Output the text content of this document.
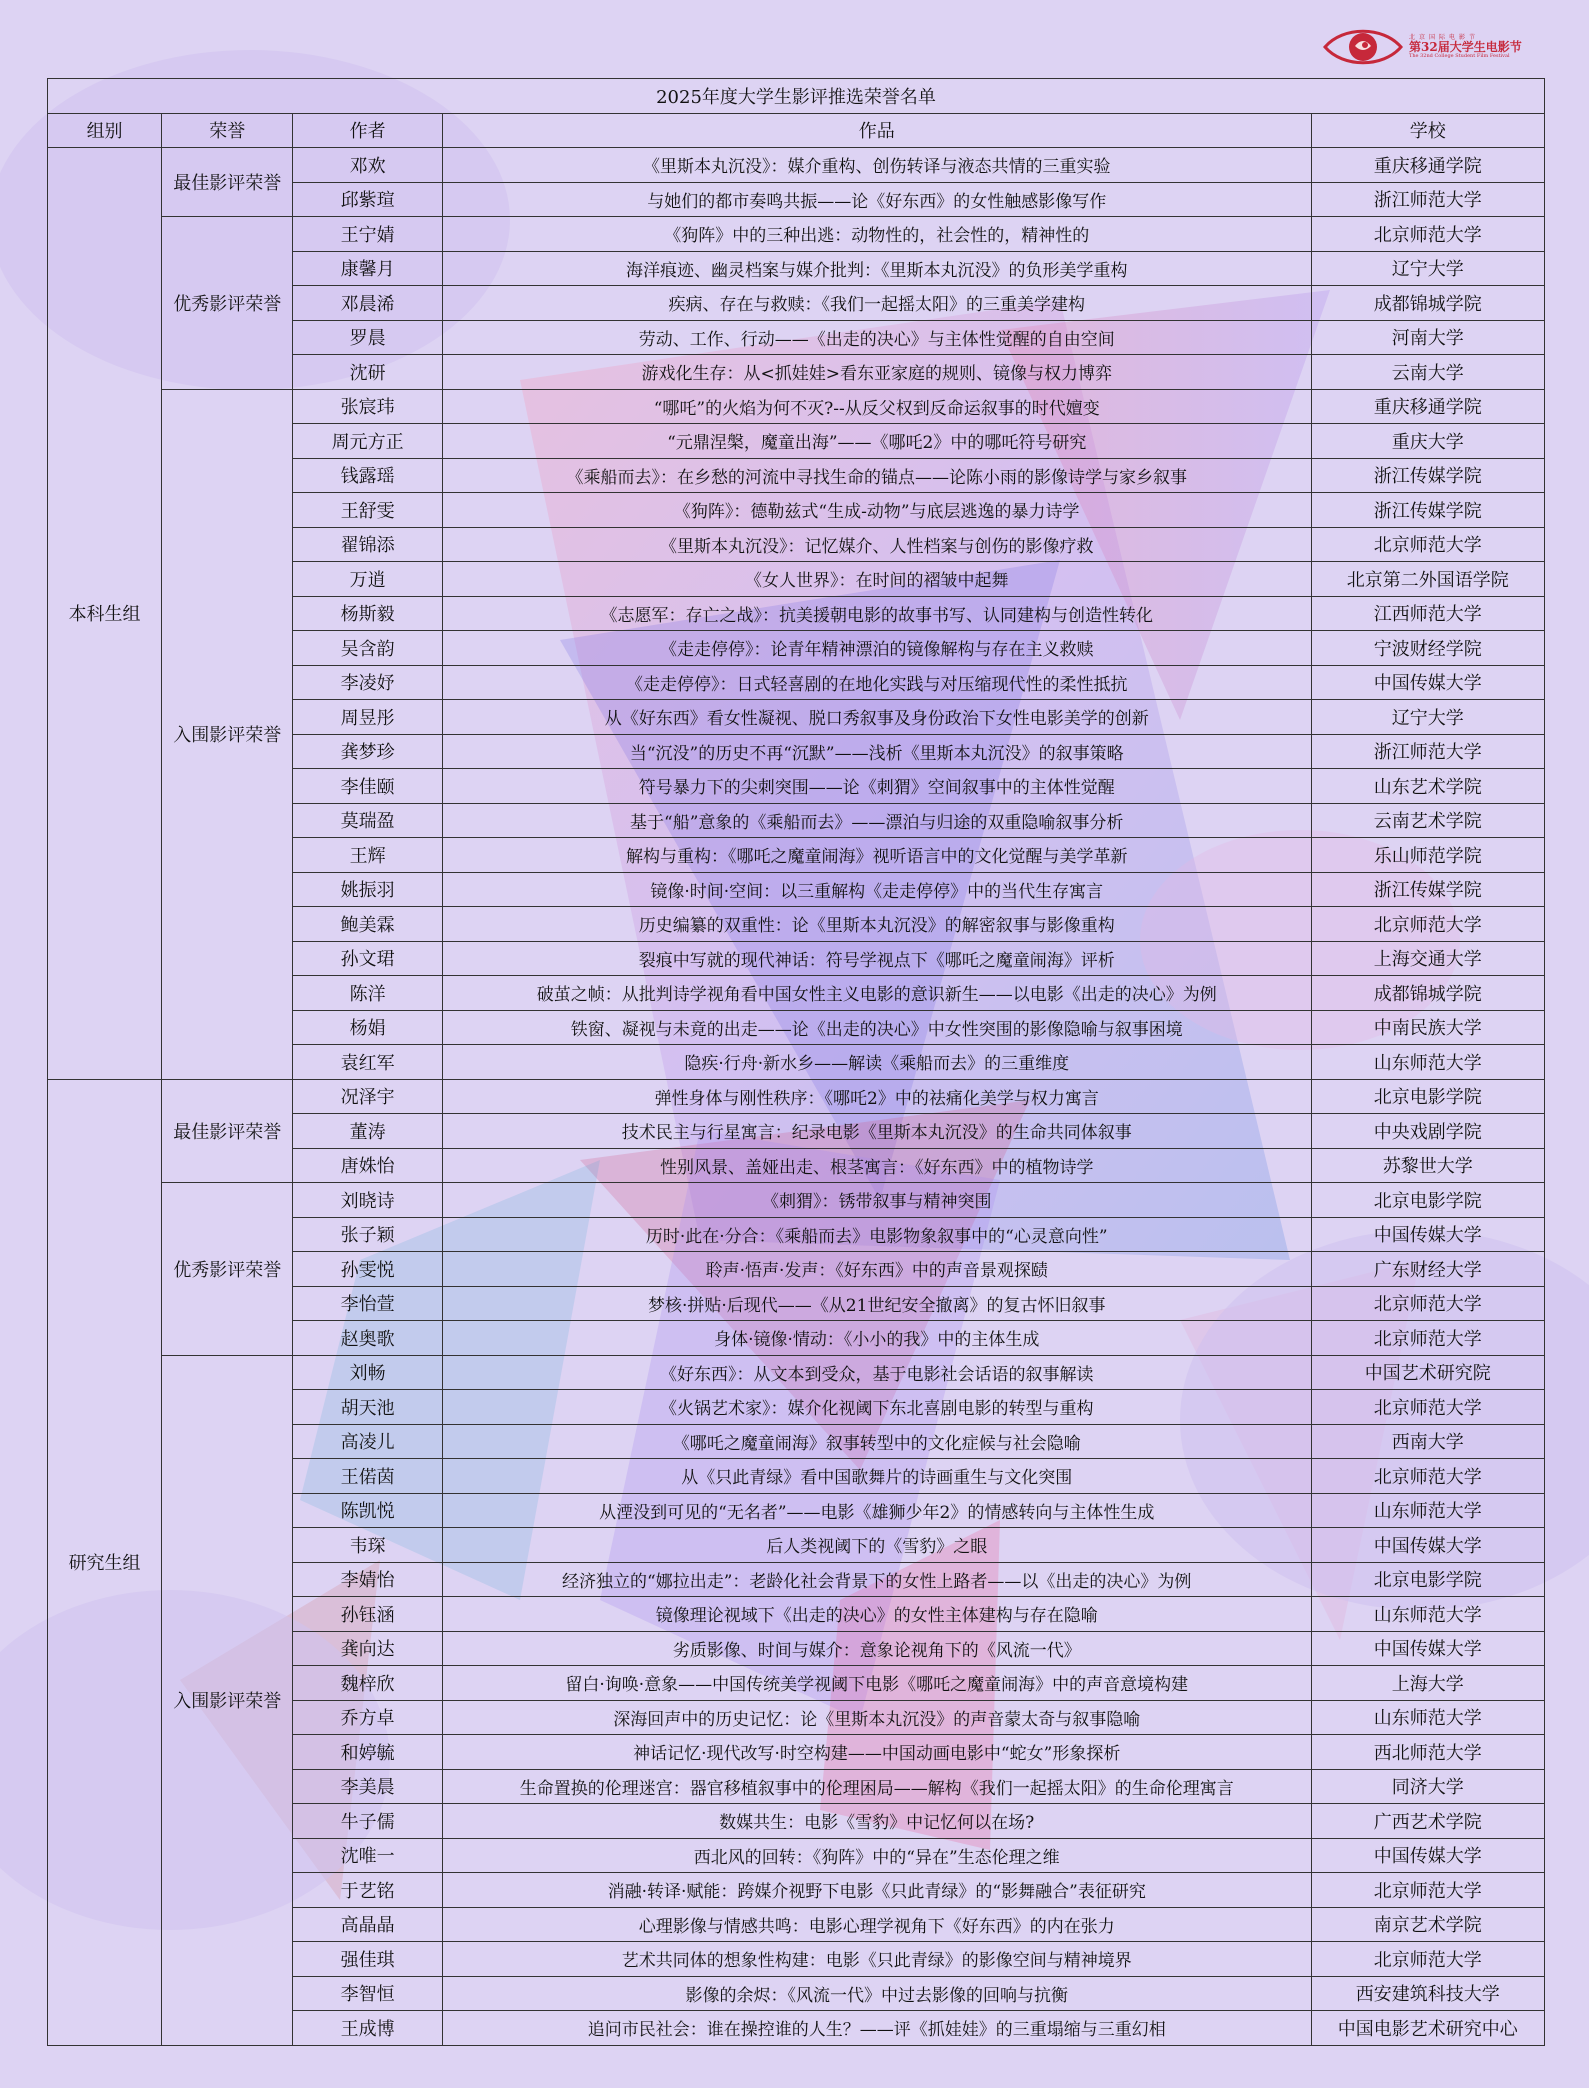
北京国际电影节
第32届大学生电影节
The 32nd College Student Film Festival
2025年度大学生影评推选荣誉名单				
组别	荣誉	作者	作品	学校
本科生组	最佳影评荣誉	邓欢	《里斯本丸沉没》：媒介重构、创伤转译与液态共情的三重实验	重庆移通学院
		邱紫瑄	与她们的都市奏鸣共振——论《好东西》的女性触感影像写作	浙江师范大学
	优秀影评荣誉	王宁婧	《狗阵》中的三种出逃：动物性的，社会性的，精神性的	北京师范大学
		康馨月	海洋痕迹、幽灵档案与媒介批判：《里斯本丸沉没》的负形美学重构	辽宁大学
		邓晨浠	疾病、存在与救赎：《我们一起摇太阳》的三重美学建构	成都锦城学院
		罗晨	劳动、工作、行动——《出走的决心》与主体性觉醒的自由空间	河南大学
		沈研	游戏化生存：从<抓娃娃>看东亚家庭的规则、镜像与权力博弈	云南大学
	入围影评荣誉	张宸玮	“哪吒”的火焰为何不灭?--从反父权到反命运叙事的时代嬗变	重庆移通学院
		周元方正	“元鼎涅槃，魔童出海”——《哪吒2》中的哪吒符号研究	重庆大学
		钱露瑶	《乘船而去》：在乡愁的河流中寻找生命的锚点——论陈小雨的影像诗学与家乡叙事	浙江传媒学院
		王舒雯	《狗阵》：德勒兹式“生成-动物”与底层逃逸的暴力诗学	浙江传媒学院
		翟锦添	《里斯本丸沉没》：记忆媒介、人性档案与创伤的影像疗救	北京师范大学
		万逍	《女人世界》：在时间的褶皱中起舞	北京第二外国语学院
		杨斯毅	《志愿军：存亡之战》：抗美援朝电影的故事书写、认同建构与创造性转化	江西师范大学
		吴含韵	《走走停停》：论青年精神漂泊的镜像解构与存在主义救赎	宁波财经学院
		李凌妤	《走走停停》：日式轻喜剧的在地化实践与对压缩现代性的柔性抵抗	中国传媒大学
		周昱彤	从《好东西》看女性凝视、脱口秀叙事及身份政治下女性电影美学的创新	辽宁大学
		龚梦珍	当“沉没”的历史不再“沉默”——浅析《里斯本丸沉没》的叙事策略	浙江师范大学
		李佳颐	符号暴力下的尖刺突围——论《刺猬》空间叙事中的主体性觉醒	山东艺术学院
		莫瑞盈	基于“船”意象的《乘船而去》——漂泊与归途的双重隐喻叙事分析	云南艺术学院
		王辉	解构与重构：《哪吒之魔童闹海》视听语言中的文化觉醒与美学革新	乐山师范学院
		姚振羽	镜像·时间·空间：以三重解构《走走停停》中的当代生存寓言	浙江传媒学院
		鲍美霖	历史编纂的双重性：论《里斯本丸沉没》的解密叙事与影像重构	北京师范大学
		孙文珺	裂痕中写就的现代神话：符号学视点下《哪吒之魔童闹海》评析	上海交通大学
		陈洋	破茧之帧：从批判诗学视角看中国女性主义电影的意识新生——以电影《出走的决心》为例	成都锦城学院
		杨娟	铁窗、凝视与未竟的出走——论《出走的决心》中女性突围的影像隐喻与叙事困境	中南民族大学
		袁红军	隐疾·行舟·新水乡——解读《乘船而去》的三重维度	山东师范大学
研究生组	最佳影评荣誉	况泽宇	弹性身体与刚性秩序：《哪吒2》中的祛痛化美学与权力寓言	北京电影学院
		董涛	技术民主与行星寓言：纪录电影《里斯本丸沉没》的生命共同体叙事	中央戏剧学院
		唐姝怡	性别风景、盖娅出走、根茎寓言：《好东西》中的植物诗学	苏黎世大学
	优秀影评荣誉	刘晓诗	《刺猬》：锈带叙事与精神突围	北京电影学院
		张子颖	历时·此在·分合：《乘船而去》电影物象叙事中的“心灵意向性”	中国传媒大学
		孙雯悦	聆声·悟声·发声：《好东西》中的声音景观探赜	广东财经大学
		李怡萱	梦核·拼贴·后现代——《从21世纪安全撤离》的复古怀旧叙事	北京师范大学
		赵奥歌	身体·镜像·情动：《小小的我》中的主体生成	北京师范大学
	入围影评荣誉	刘畅	《好东西》：从文本到受众，基于电影社会话语的叙事解读	中国艺术研究院
		胡天池	《火锅艺术家》：媒介化视阈下东北喜剧电影的转型与重构	北京师范大学
		高凌儿	《哪吒之魔童闹海》叙事转型中的文化症候与社会隐喻	西南大学
		王偌茵	从《只此青绿》看中国歌舞片的诗画重生与文化突围	北京师范大学
		陈凯悦	从湮没到可见的“无名者”——电影《雄狮少年2》的情感转向与主体性生成	山东师范大学
		韦琛	后人类视阈下的《雪豹》之眼	中国传媒大学
		李婧怡	经济独立的“娜拉出走”：老龄化社会背景下的女性上路者——以《出走的决心》为例	北京电影学院
		孙钰涵	镜像理论视域下《出走的决心》的女性主体建构与存在隐喻	山东师范大学
		龚向达	劣质影像、时间与媒介：意象论视角下的《风流一代》	中国传媒大学
		魏梓欣	留白·询唤·意象——中国传统美学视阈下电影《哪吒之魔童闹海》中的声音意境构建	上海大学
		乔方卓	深海回声中的历史记忆：论《里斯本丸沉没》的声音蒙太奇与叙事隐喻	山东师范大学
		和婷毓	神话记忆·现代改写·时空构建——中国动画电影中“蛇女”形象探析	西北师范大学
		李美晨	生命置换的伦理迷宫：器官移植叙事中的伦理困局——解构《我们一起摇太阳》的生命伦理寓言	同济大学
		牛子儒	数媒共生：电影《雪豹》中记忆何以在场?	广西艺术学院
		沈唯一	西北风的回转：《狗阵》中的“异在”生态伦理之维	中国传媒大学
		于艺铭	消融·转译·赋能：跨媒介视野下电影《只此青绿》的“影舞融合”表征研究	北京师范大学
		高晶晶	心理影像与情感共鸣：电影心理学视角下《好东西》的内在张力	南京艺术学院
		强佳琪	艺术共同体的想象性构建：电影《只此青绿》的影像空间与精神境界	北京师范大学
		李智恒	影像的余烬：《风流一代》中过去影像的回响与抗衡	西安建筑科技大学
		王成博	追问市民社会：谁在操控谁的人生？——评《抓娃娃》的三重塌缩与三重幻相	中国电影艺术研究中心
